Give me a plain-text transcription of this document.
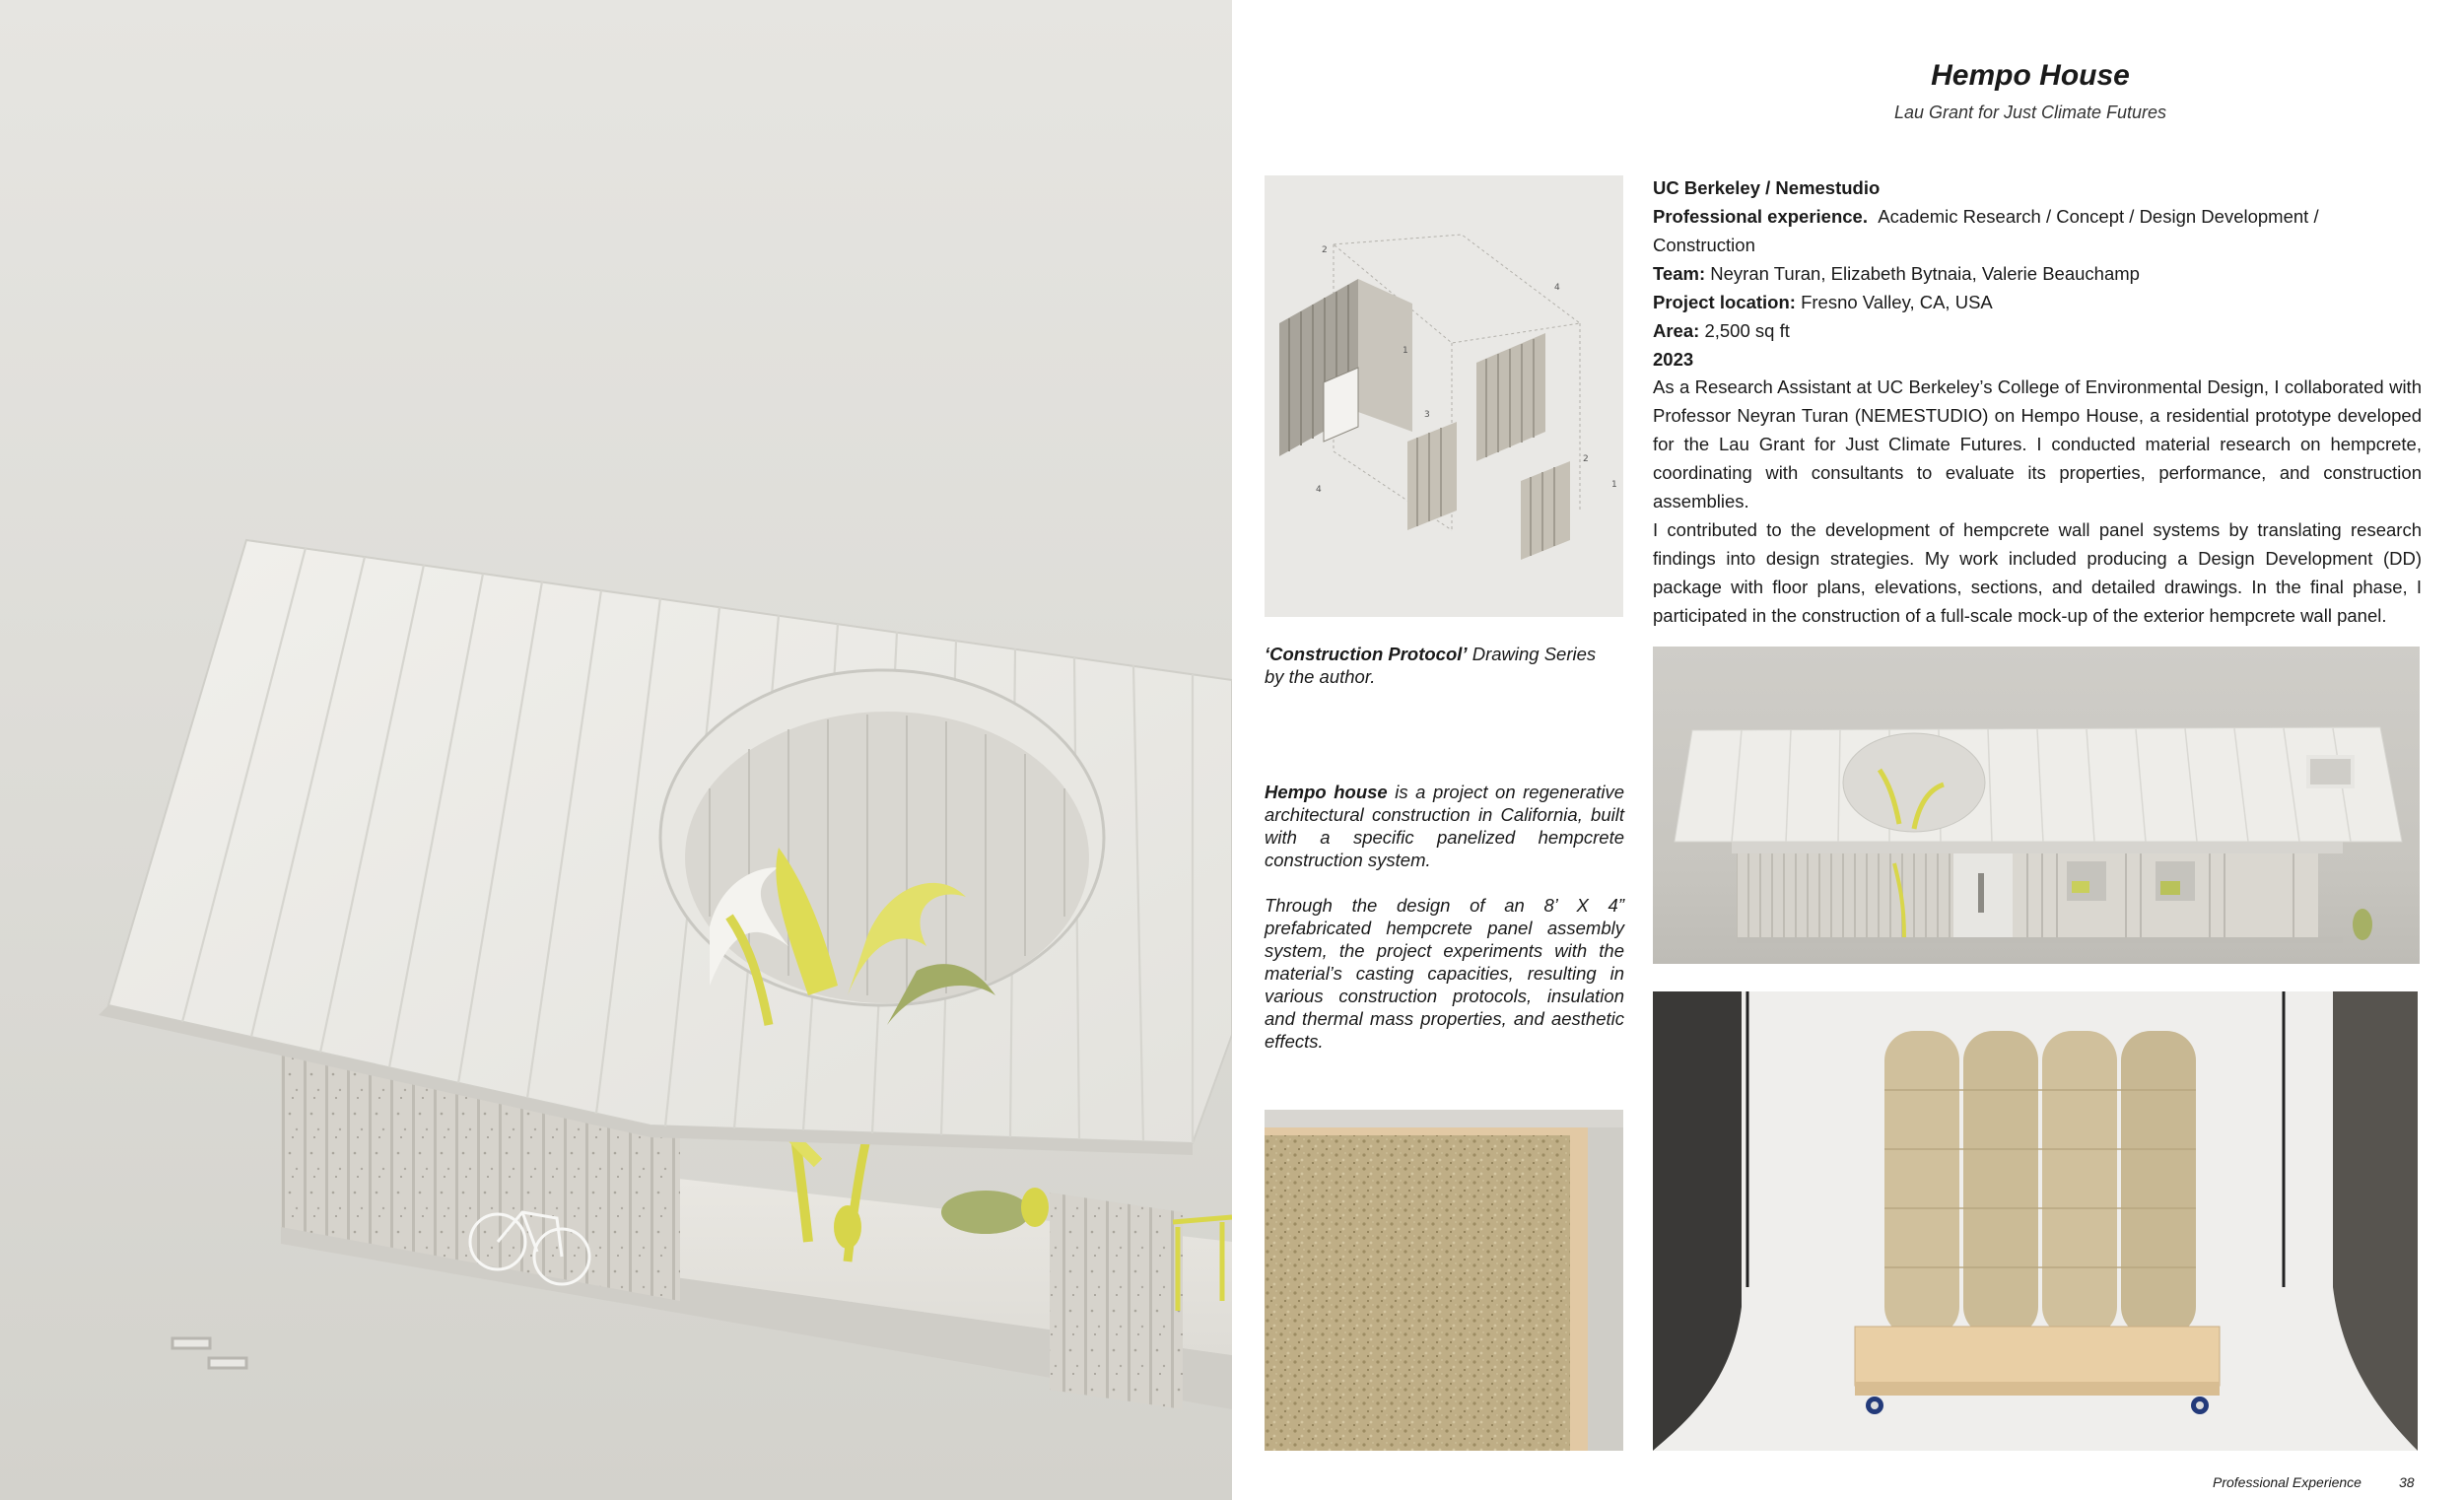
Hempo House
Lau Grant for Just Climate Futures
2
4
3
2
1
4
1
UC Berkeley / Nemestudio
Professional experience. Academic Research / Concept / Design Development / Construction
Team: Neyran Turan, Elizabeth Bytnaia, Valerie Beauchamp
Project location: Fresno Valley, CA, USA
Area: 2,500 sq ft
2023
As a Research Assistant at UC Berkeley’s College of Environmental Design, I collaborated with Professor Neyran Turan (NEMESTUDIO) on Hempo House, a residential prototype developed for the Lau Grant for Just Climate Futures. I conducted material research on hempcrete, coordinating with consultants to evaluate its properties, performance, and construction assemblies.
I contributed to the development of hempcrete wall panel systems by translating research findings into design strategies. My work included producing a Design Development (DD) package with floor plans, elevations, sections, and detailed drawings. In the final phase, I participated in the construction of a full-scale mock-up of the exterior hempcrete wall panel.
‘Construction Protocol’ Drawing Series
by the author.
Hempo house is a project on regenerative architectural construction in California, built with a specific panelized hempcrete construction system.
Through the design of an 8’ X 4” prefabricated hempcrete panel assembly system, the project experiments with the material’s casting capacities, resulting in various construction protocols, insulation and thermal mass properties, and aesthetic effects.
Professional Experience	38
